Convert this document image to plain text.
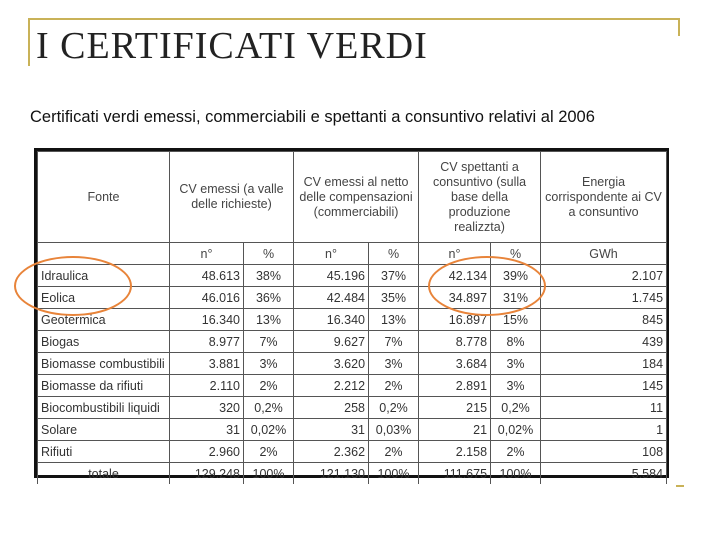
I CERTIFICATI VERDI
Certificati verdi emessi, commerciabili e spettanti a consuntivo relativi al 2006
Fonte	CV emessi (a valle delle richieste)		CV emessi al netto delle compensazioni (commerciabili)		CV spettanti a consuntivo (sulla base della produzione realizzta)		Energia corrispondente ai CV a consuntivo
	n°	%	n°	%	n°	%	GWh
Idraulica	48.613	38%	45.196	37%	42.134	39%	2.107
Eolica	46.016	36%	42.484	35%	34.897	31%	1.745
Geotermica	16.340	13%	16.340	13%	16.897	15%	845
Biogas	8.977	7%	9.627	7%	8.778	8%	439
Biomasse combustibili	3.881	3%	3.620	3%	3.684	3%	184
Biomasse da rifiuti	2.110	2%	2.212	2%	2.891	3%	145
Biocombustibili liquidi	320	0,2%	258	0,2%	215	0,2%	11
Solare	31	0,02%	31	0,03%	21	0,02%	1
Rifiuti	2.960	2%	2.362	2%	2.158	2%	108
totale	129.248	100%	121.130	100%	111.675	100%	5.584
